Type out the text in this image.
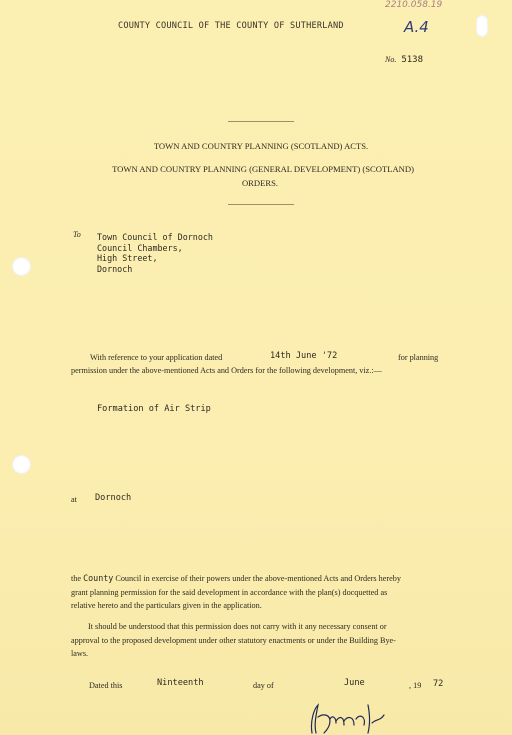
COUNTY COUNCIL OF THE COUNTY OF SUTHERLAND
2210.058.19
A.4
No. 5138
TOWN AND COUNTRY PLANNING (SCOTLAND) ACTS.
TOWN AND COUNTRY PLANNING (GENERAL DEVELOPMENT) (SCOTLAND)
ORDERS.
To Town Council of Dornoch
Council Chambers,
High Street,
Dornoch
With reference to your application dated	14th June '72	for planning
permission under the above-mentioned Acts and Orders for the following development, viz.:—
Formation of Air Strip
at Dornoch
the County Council in exercise of their powers under the above-mentioned Acts and Orders hereby
grant planning permission for the said development in accordance with the plan(s) docquetted as
relative hereto and the particulars given in the application.
It should be understood that this permission does not carry with it any necessary consent or
approval to the proposed development under other statutory enactments or under the Building Bye-
laws.
Dated this	Ninteenth	day of	June	, 19 72
